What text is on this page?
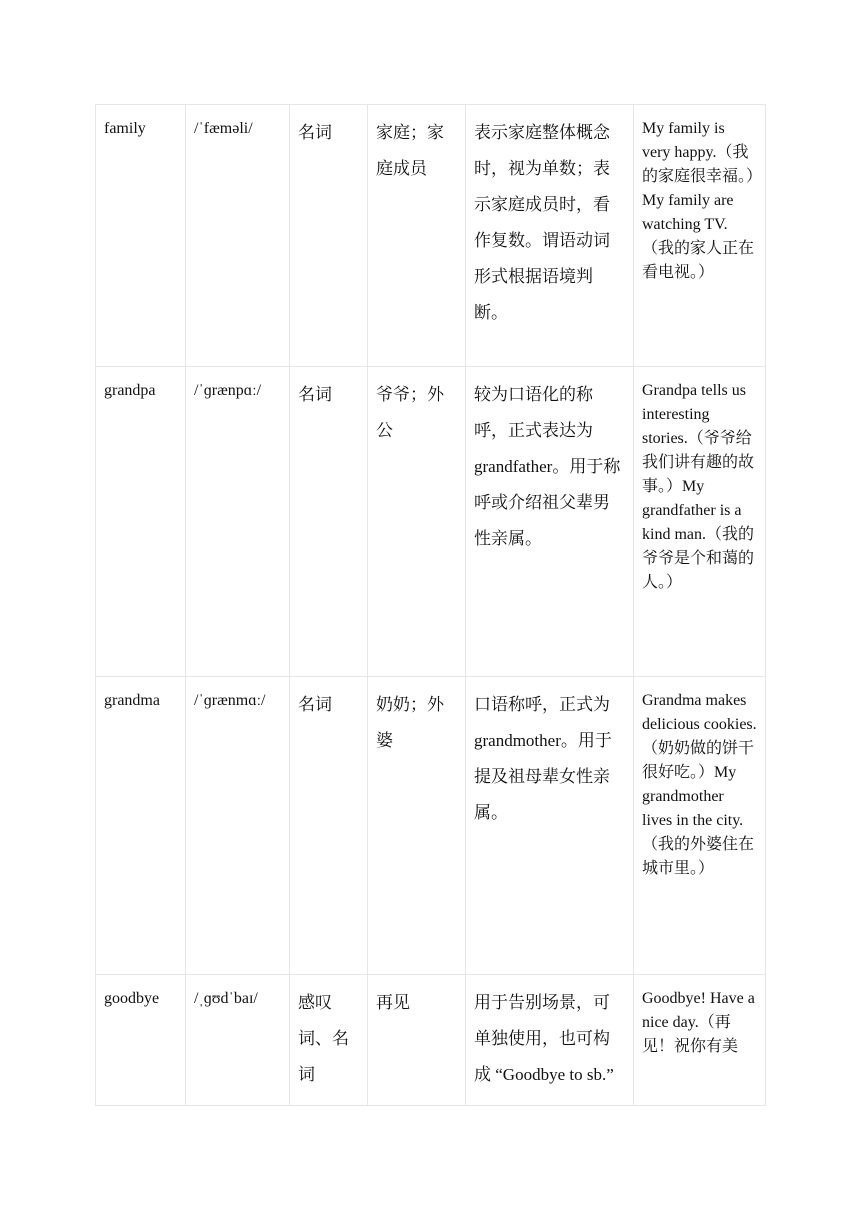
family	/ˈfæməli/	名词	家庭；家庭成员	表示家庭整体概念时，视为单数；表示家庭成员时，看作复数。谓语动词形式根据语境判断。	My family is very happy.（我的家庭很幸福。）My family are watching TV.（我的家人正在看电视。）
grandpa	/ˈɡrænpɑː/	名词	爷爷；外公	较为口语化的称呼，正式表达为 grandfather。用于称呼或介绍祖父辈男性亲属。	Grandpa tells us interesting stories.（爷爷给我们讲有趣的故事。）My grandfather is a kind man.（我的爷爷是个和蔼的人。）
grandma	/ˈɡrænmɑː/	名词	奶奶；外婆	口语称呼，正式为 grandmother。用于提及祖母辈女性亲属。	Grandma makes delicious cookies.（奶奶做的饼干很好吃。）My grandmother lives in the city.（我的外婆住在城市里。）
goodbye	/ˌɡʊdˈbaɪ/	感叹词、名词	再见	用于告别场景，可单独使用，也可构成 “Goodbye to sb.”	Goodbye! Have a nice day.（再见！祝你有美
